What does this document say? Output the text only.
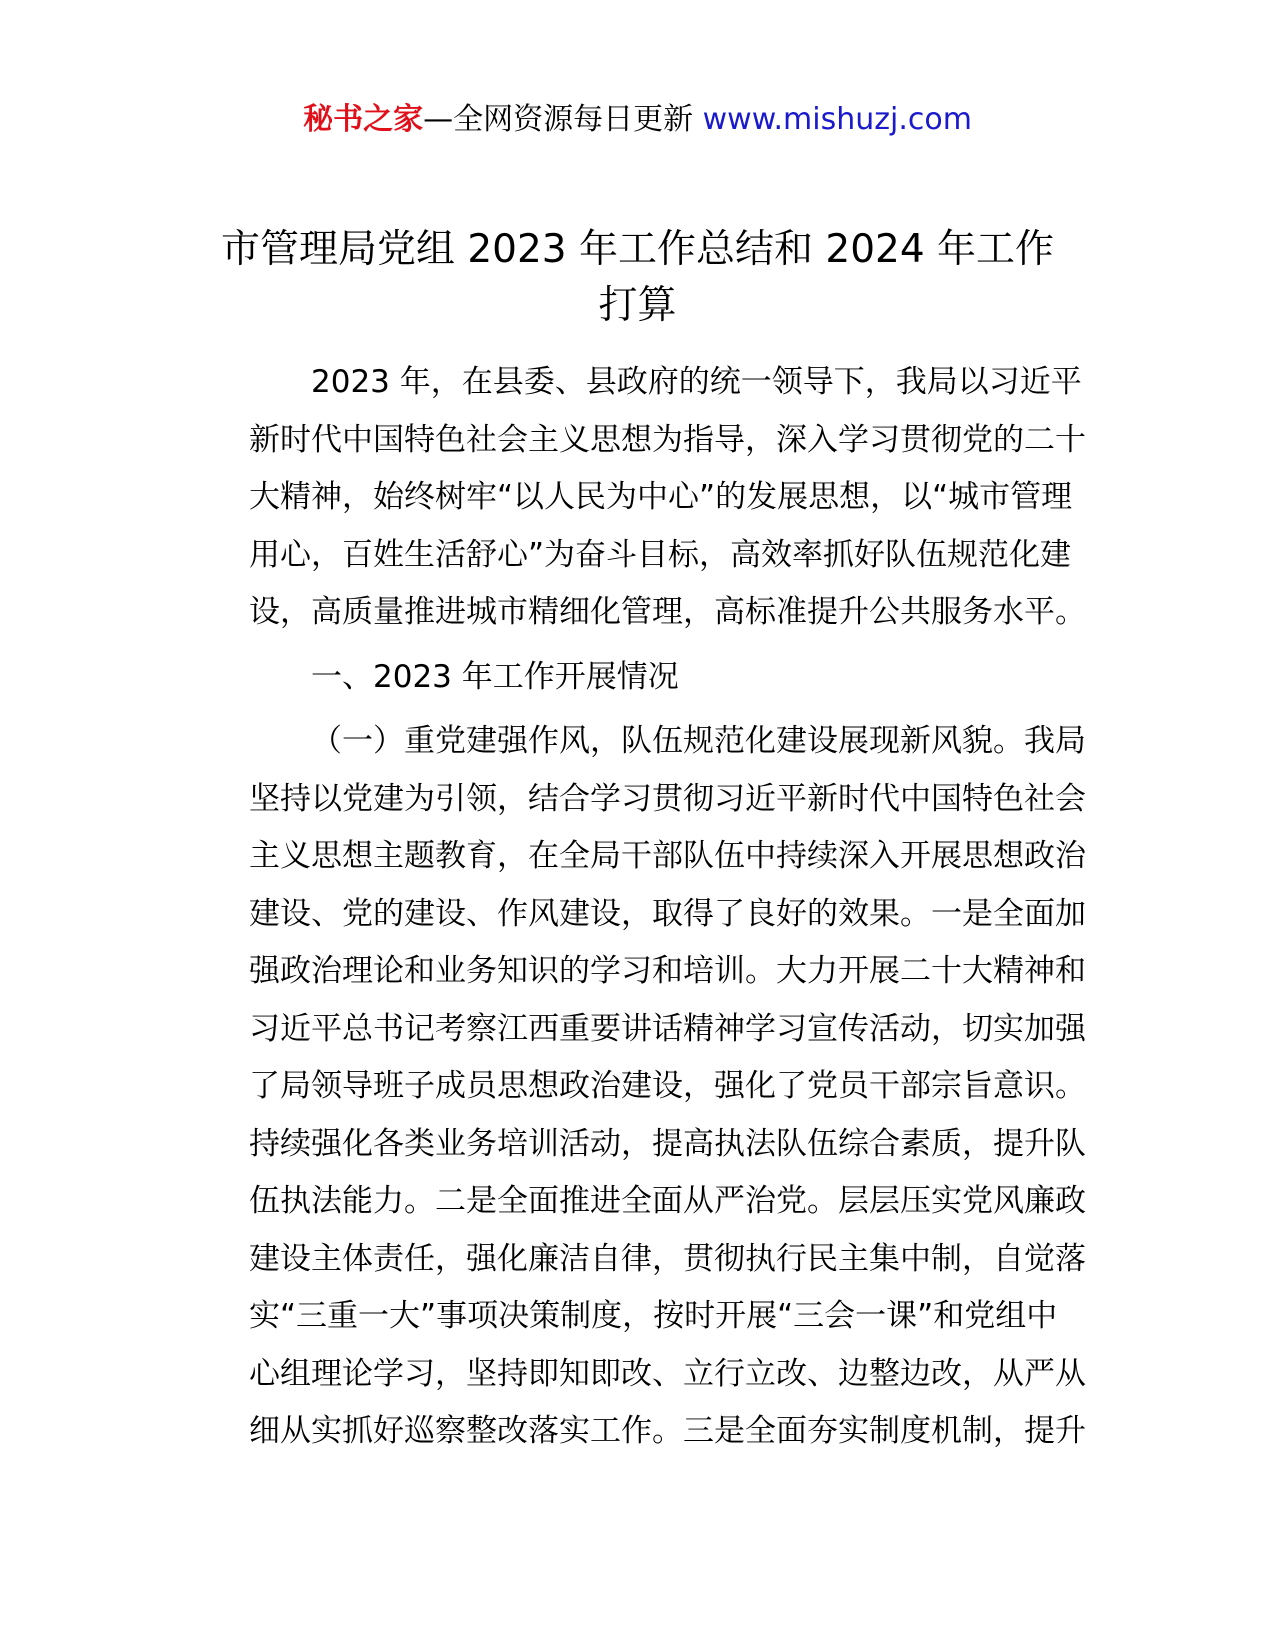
秘书之家—全网资源每日更新 www.mishuzj.com
市管理局党组 2023 年工作总结和 2024 年工作
打算
2023 年，在县委、县政府的统一领导下，我局以习近平
新时代中国特色社会主义思想为指导，深入学习贯彻党的二十
大精神，始终树牢“以人民为中心”的发展思想，以“城市管理
用心，百姓生活舒心”为奋斗目标，高效率抓好队伍规范化建
设，高质量推进城市精细化管理，高标准提升公共服务水平。
一、2023 年工作开展情况
（一）重党建强作风，队伍规范化建设展现新风貌。我局
坚持以党建为引领，结合学习贯彻习近平新时代中国特色社会
主义思想主题教育，在全局干部队伍中持续深入开展思想政治
建设、党的建设、作风建设，取得了良好的效果。一是全面加
强政治理论和业务知识的学习和培训。大力开展二十大精神和
习近平总书记考察江西重要讲话精神学习宣传活动，切实加强
了局领导班子成员思想政治建设，强化了党员干部宗旨意识。
持续强化各类业务培训活动，提高执法队伍综合素质，提升队
伍执法能力。二是全面推进全面从严治党。层层压实党风廉政
建设主体责任，强化廉洁自律，贯彻执行民主集中制，自觉落
实“三重一大”事项决策制度，按时开展“三会一课”和党组中
心组理论学习，坚持即知即改、立行立改、边整边改，从严从
细从实抓好巡察整改落实工作。三是全面夯实制度机制，提升
